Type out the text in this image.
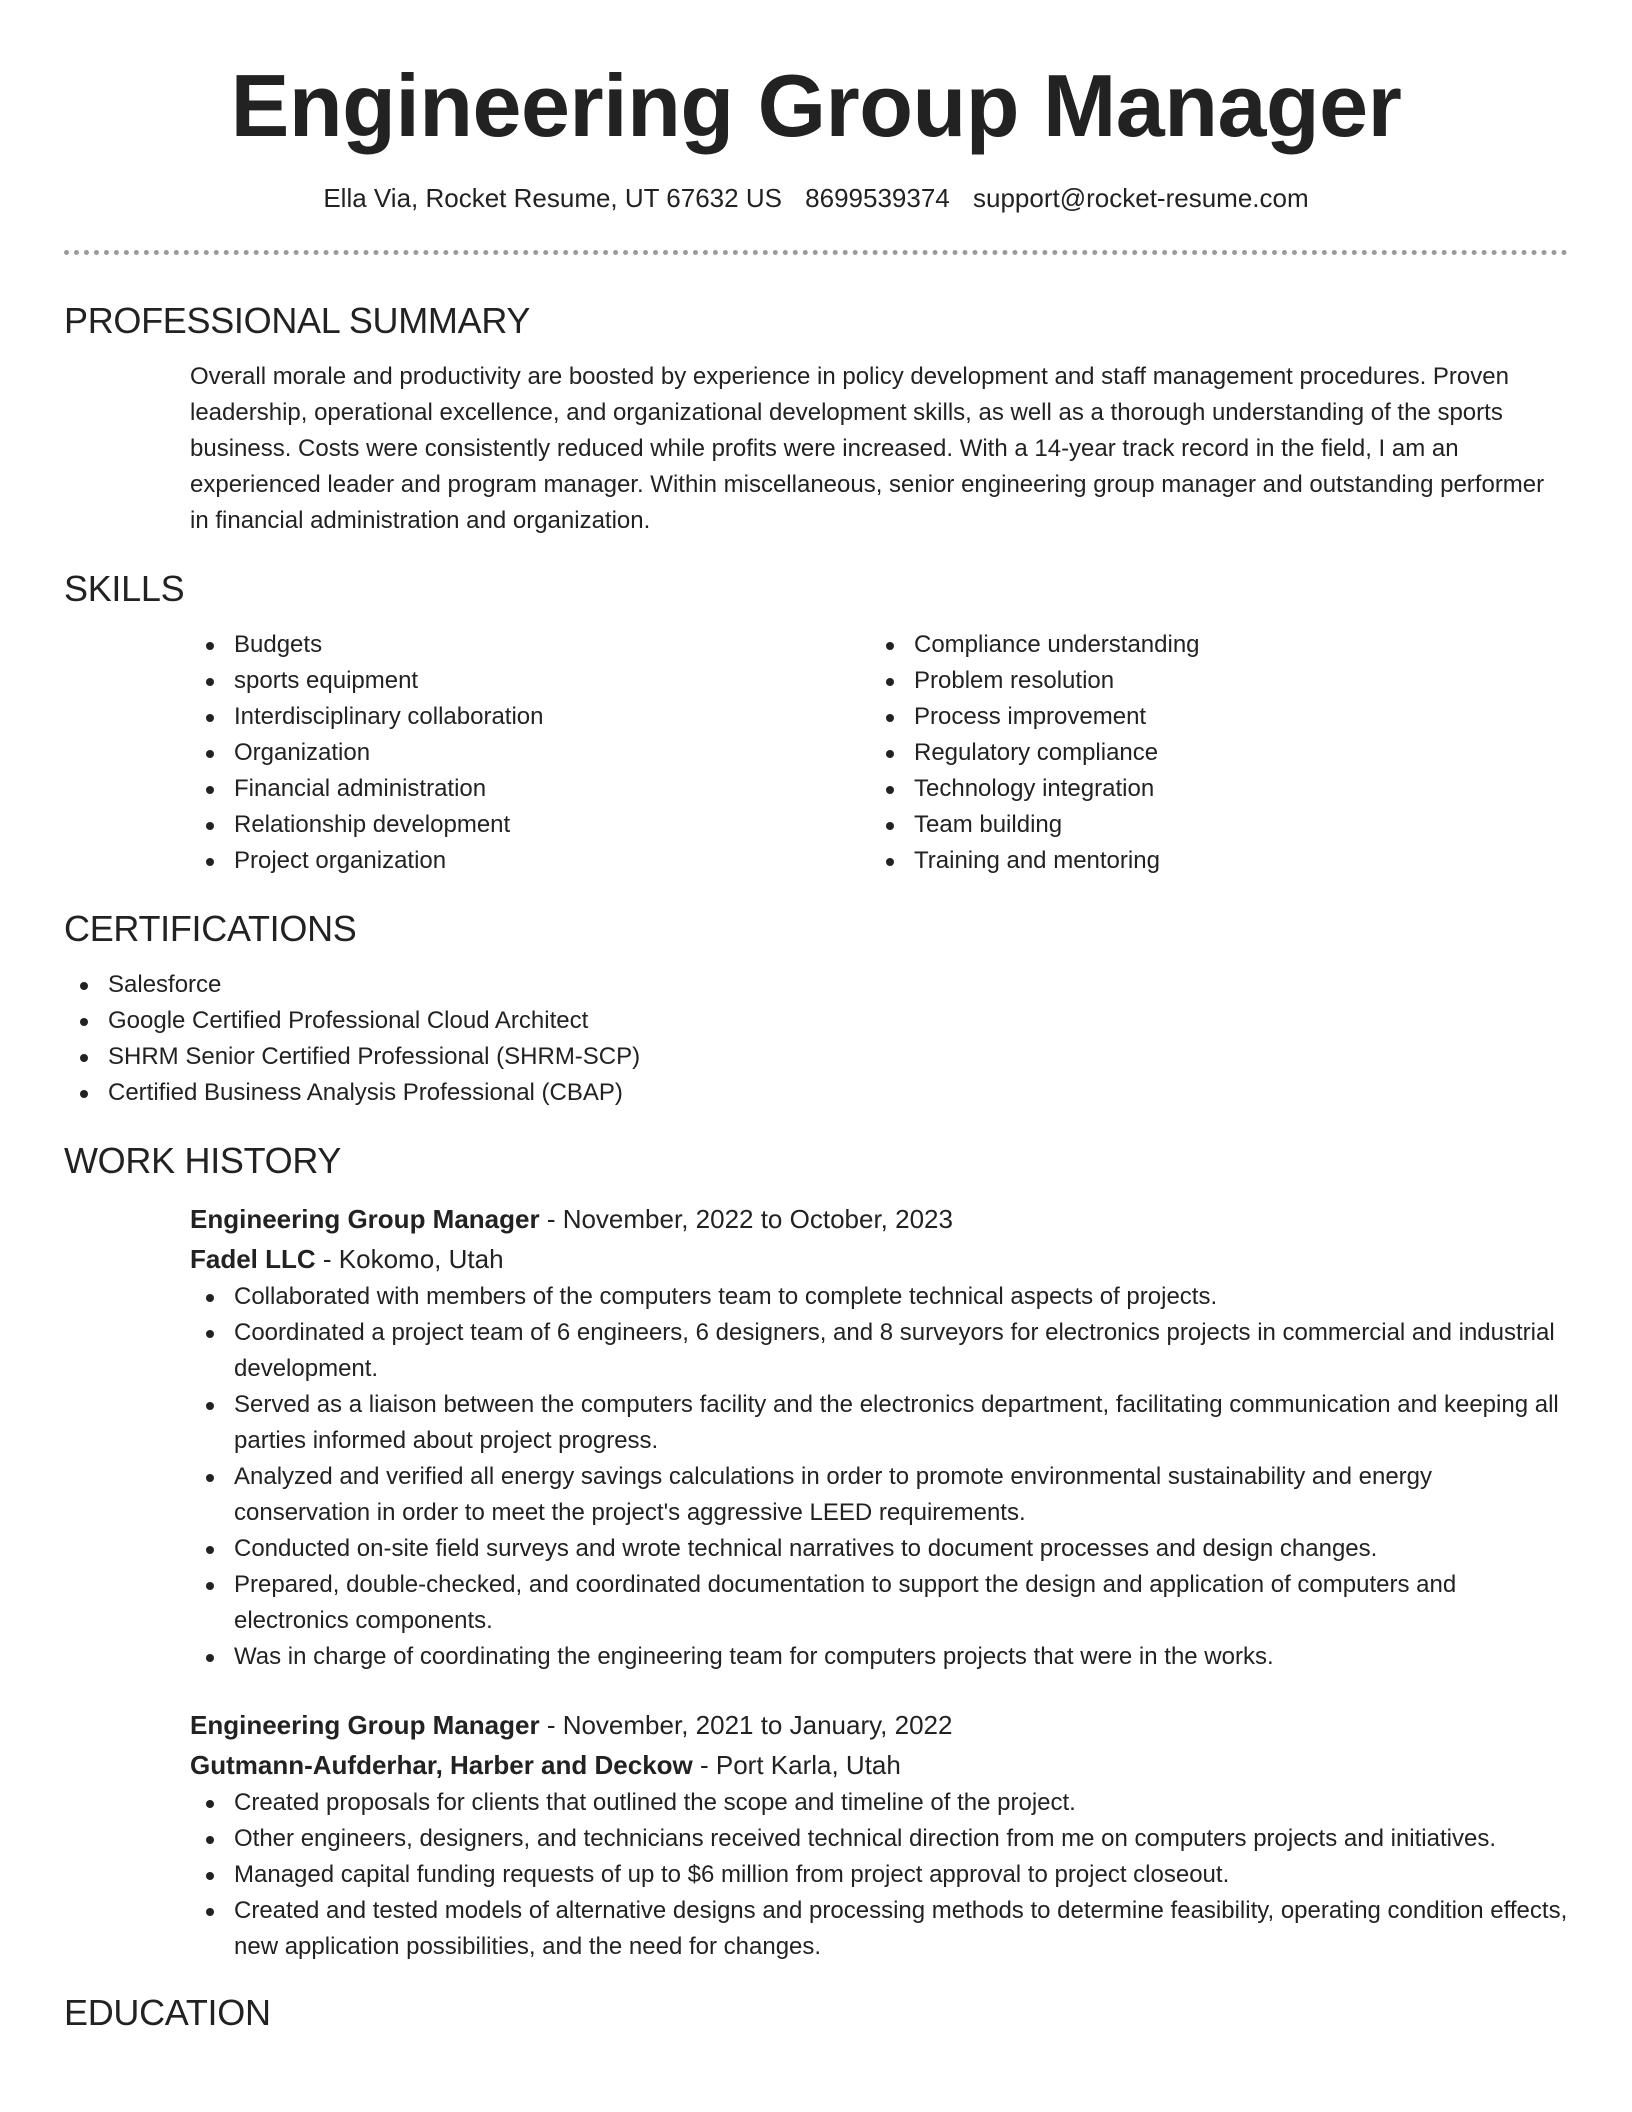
Engineering Group Manager
Ella Via, Rocket Resume, UT 67632 US 8699539374 support@rocket-resume.com
PROFESSIONAL SUMMARY
Overall morale and productivity are boosted by experience in policy development and staff management procedures. Proven leadership, operational excellence, and organizational development skills, as well as a thorough understanding of the sports business. Costs were consistently reduced while profits were increased. With a 14-year track record in the field, I am an experienced leader and program manager. Within miscellaneous, senior engineering group manager and outstanding performer in financial administration and organization.
SKILLS
Budgets
sports equipment
Interdisciplinary collaboration
Organization
Financial administration
Relationship development
Project organization
Compliance understanding
Problem resolution
Process improvement
Regulatory compliance
Technology integration
Team building
Training and mentoring
CERTIFICATIONS
Salesforce
Google Certified Professional Cloud Architect
SHRM Senior Certified Professional (SHRM-SCP)
Certified Business Analysis Professional (CBAP)
WORK HISTORY
Engineering Group Manager - November, 2022 to October, 2023
Fadel LLC - Kokomo, Utah
Collaborated with members of the computers team to complete technical aspects of projects.
Coordinated a project team of 6 engineers, 6 designers, and 8 surveyors for electronics projects in commercial and industrial development.
Served as a liaison between the computers facility and the electronics department, facilitating communication and keeping all parties informed about project progress.
Analyzed and verified all energy savings calculations in order to promote environmental sustainability and energy conservation in order to meet the project's aggressive LEED requirements.
Conducted on-site field surveys and wrote technical narratives to document processes and design changes.
Prepared, double-checked, and coordinated documentation to support the design and application of computers and electronics components.
Was in charge of coordinating the engineering team for computers projects that were in the works.
Engineering Group Manager - November, 2021 to January, 2022
Gutmann-Aufderhar, Harber and Deckow - Port Karla, Utah
Created proposals for clients that outlined the scope and timeline of the project.
Other engineers, designers, and technicians received technical direction from me on computers projects and initiatives.
Managed capital funding requests of up to $6 million from project approval to project closeout.
Created and tested models of alternative designs and processing methods to determine feasibility, operating condition effects, new application possibilities, and the need for changes.
EDUCATION
